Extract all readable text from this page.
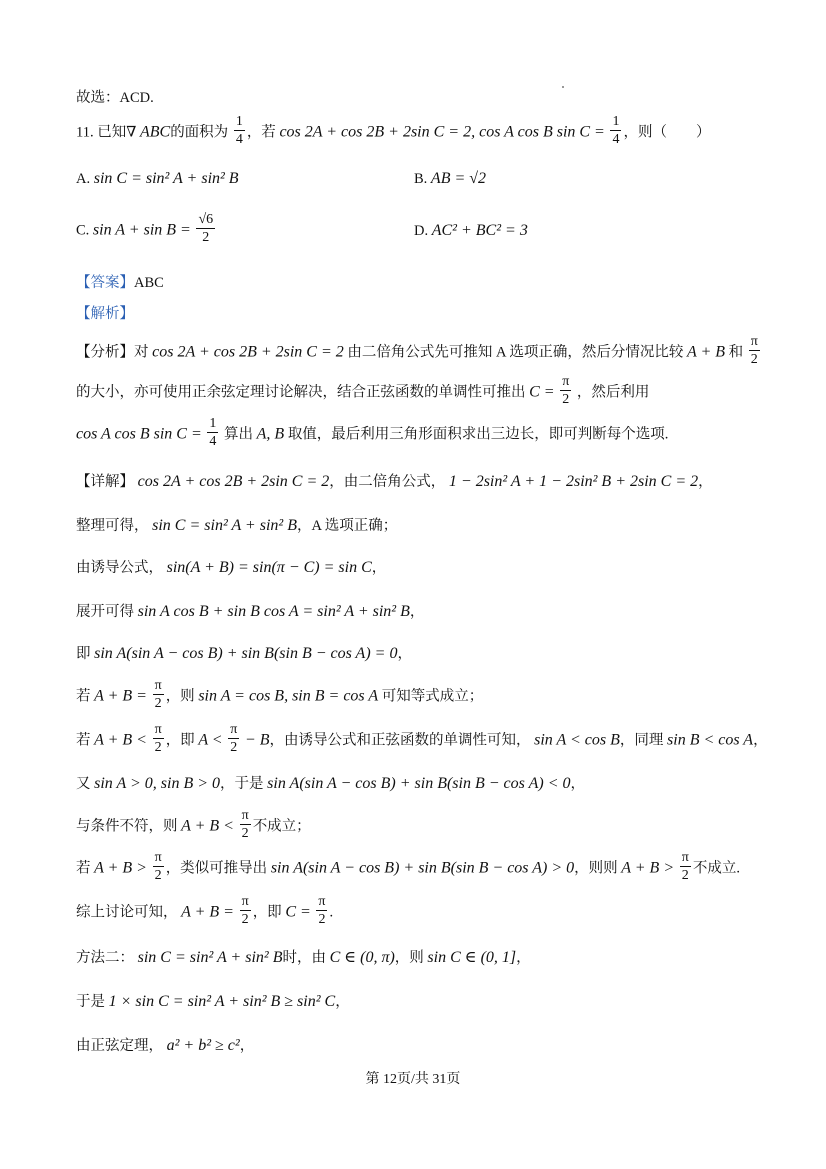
故选：ACD.
11. 已知∇ ABC的面积为 $\frac{1}{4}$ ，若 cos 2A + cos 2B + 2sin C = 2, cos A cos B $\sin C = \frac{1}{4}$ ，则（　　）
A. sin C = sin² A + sin² B	B. AB = √2
C. $\sin A + \sin B = \frac{√6}{2}$	D. AC² + BC² = 3
【答案】ABC
【解析】
【分析】对 cos 2A + cos 2B + 2sin C = 2 由二倍角公式先可推知 A 选项正确，然后分情况比较 A + B 和 $\frac{\pi}{2}$
的大小，亦可使用正余弦定理讨论解决，结合正弦函数的单调性可推出 $C = \frac{\pi}{2}$ ，然后利用
cos A cos B $\sin C = \frac{1}{4}$ 算出 A, B 取值，最后利用三角形面积求出三边长，即可判断每个选项.
【详解】 cos 2A + cos 2B + 2sin C = 2，由二倍角公式， 1 − 2sin² A + 1 − 2sin² B + 2sin C = 2，
整理可得， sin C = sin² A + sin² B，A 选项正确；
由诱导公式， sin(A + B) = sin(π − C) = sin C，
展开可得 sin A cos B + sin B cos A = sin² A + sin² B，
即 sin A(sin A − cos B) + sin B(sin B − cos A) = 0，
若 $A + B = \frac{\pi}{2}$ ，则 sin A = cos B, sin B = cos A 可知等式成立；
若 $A + B < \frac{\pi}{2}$ ，即 $A < \frac{\pi}{2} - B$，由诱导公式和正弦函数的单调性可知， sin A < cos B，同理 sin B < cos A，
又 sin A > 0, sin B > 0，于是 sin A(sin A − cos B) + sin B(sin B − cos A) < 0，
与条件不符，则 $A + B < \frac{\pi}{2}$ 不成立；
若 $A + B > \frac{\pi}{2}$ ，类似可推导出 sin A(sin A − cos B) + sin B(sin B − cos A) > 0，则则 $A + B > \frac{\pi}{2}$ 不成立.
综上讨论可知， $A + B = \frac{\pi}{2}$ ，即 $C = \frac{\pi}{2}$ .
方法二： sin C = sin² A + sin² B时，由 C ∈ (0, π)，则 sin C ∈ (0, 1]，
于是 1 × sin C = sin² A + sin² B ≥ sin² C，
由正弦定理， a² + b² ≥ c²，
第 12页/共 31页
